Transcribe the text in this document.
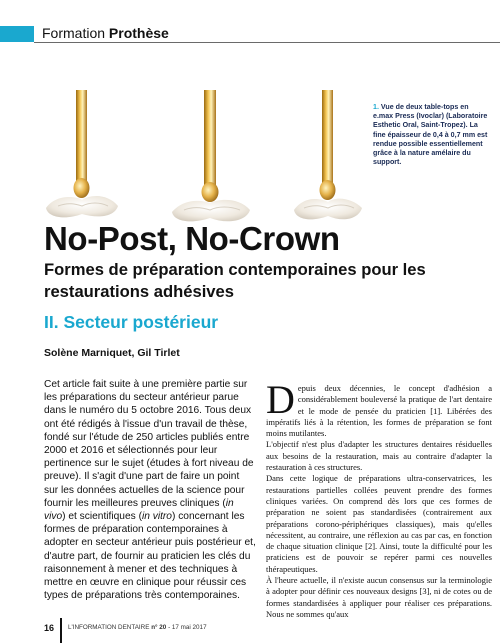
Formation Prothèse
1. Vue de deux table-tops en e.max Press (Ivoclar) (Laboratoire Esthetic Oral, Saint-Tropez). La fine épaisseur de 0,4 à 0,7 mm est rendue possible essentiellement grâce à la nature amélaire du support.
No-Post, No-Crown
Formes de préparation contemporaines pour les restaurations adhésives
II. Secteur postérieur
Solène Marniquet, Gil Tirlet
Cet article fait suite à une première partie sur les préparations du secteur antérieur parue dans le numéro du 5 octobre 2016. Tous deux ont été rédigés à l'issue d'un travail de thèse, fondé sur l'étude de 250 articles publiés entre 2000 et 2016 et sélectionnés pour leur pertinence sur le sujet (études à fort niveau de preuve). Il s'agit d'une part de faire un point sur les données actuelles de la science pour fournir les meilleures preuves cliniques (in vivo) et scientifiques (in vitro) concernant les formes de préparation contemporaines à adopter en secteur antérieur puis postérieur et, d'autre part, de fournir au praticien les clés du raisonnement à mener et des techniques à mettre en œuvre en clinique pour réussir ces types de préparations très contemporaines.
D epuis deux décennies, le concept d'adhésion a considérablement bouleversé la pratique de l'art dentaire et le mode de pensée du praticien [1]. Libérées des impératifs liés à la rétention, les formes de préparation se font moins mutilantes.

L'objectif n'est plus d'adapter les structures dentaires résiduelles aux besoins de la restauration, mais au contraire d'adapter la restauration à ces structures.

Dans cette logique de préparations ultra-conservatrices, les restaurations partielles collées peuvent prendre des formes cliniques variées. On comprend dès lors que ces formes de préparation ne soient pas standardisées (contrairement aux préparations corono-périphériques classiques), mais qu'elles nécessitent, au contraire, une réflexion au cas par cas, en fonction de chaque situation clinique [2]. Ainsi, toute la difficulté pour les praticiens est de pouvoir se repérer parmi ces nouvelles thérapeutiques.

À l'heure actuelle, il n'existe aucun consensus sur la terminologie à adopter pour définir ces nouveaux designs [3], ni de cotes ou de formes standardisées à appliquer pour réaliser ces préparations. Nous ne sommes qu'aux

16 L'INFORMATION DENTAIRE n° 20 - 17 mai 2017
